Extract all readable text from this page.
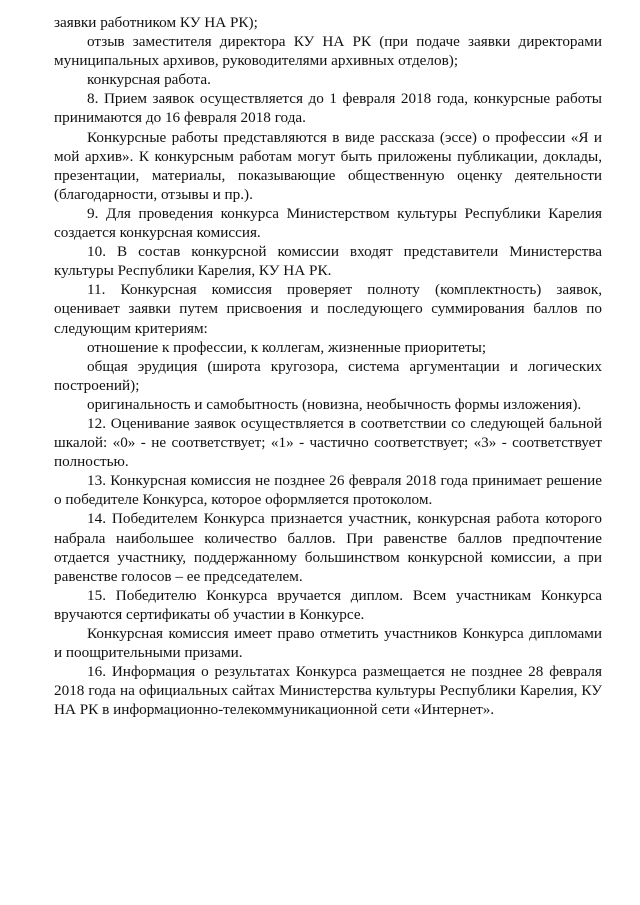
заявки работником КУ НА РК);

отзыв заместителя директора КУ НА РК (при подаче заявки директорами муниципальных архивов, руководителями архивных отделов);

конкурсная работа.

8. Прием заявок осуществляется до 1 февраля 2018 года, конкурсные работы принимаются до 16 февраля 2018 года.

Конкурсные работы представляются в виде рассказа (эссе) о профессии «Я и мой архив». К конкурсным работам могут быть приложены публикации, доклады, презентации, материалы, показывающие общественную оценку деятельности (благодарности, отзывы и пр.).

9. Для проведения конкурса Министерством культуры Республики Карелия создается конкурсная комиссия.

10. В состав конкурсной комиссии входят представители Министерства культуры Республики Карелия, КУ НА РК.

11. Конкурсная комиссия проверяет полноту (комплектность) заявок, оценивает заявки путем присвоения и последующего суммирования баллов по следующим критериям:

отношение к профессии, к коллегам, жизненные приоритеты;

общая эрудиция (широта кругозора, система аргументации и логических построений);

оригинальность и самобытность (новизна, необычность формы изложения).

12. Оценивание заявок осуществляется в соответствии со следующей бальной шкалой: «0» - не соответствует; «1» - частично соответствует; «3» - соответствует полностью.

13. Конкурсная комиссия не позднее 26 февраля 2018 года принимает решение о победителе Конкурса, которое оформляется протоколом.

14. Победителем Конкурса признается участник, конкурсная работа которого набрала наибольшее количество баллов. При равенстве баллов предпочтение отдается участнику, поддержанному большинством конкурсной комиссии, а при равенстве голосов – ее председателем.

15. Победителю Конкурса вручается диплом. Всем участникам Конкурса вручаются сертификаты об участии в Конкурсе.

Конкурсная комиссия имеет право отметить участников Конкурса дипломами и поощрительными призами.

16. Информация о результатах Конкурса размещается не позднее 28 февраля 2018 года на официальных сайтах Министерства культуры Республики Карелия, КУ НА РК в информационно-телекоммуникационной сети «Интернет».
